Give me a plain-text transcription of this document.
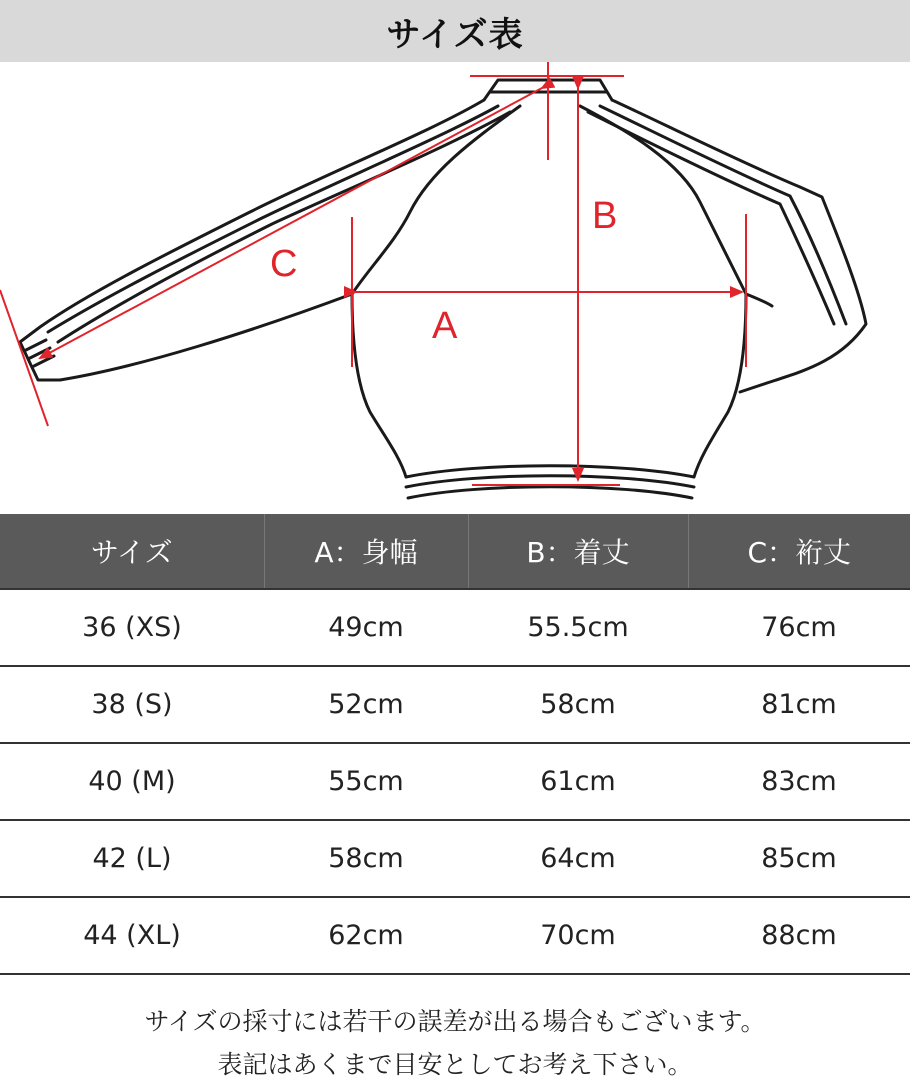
サイズ表
A
B
C
サイズ	A：身幅	B：着丈	C：裄丈
36 (XS)	49cm	55.5cm	76cm
38 (S)	52cm	58cm	81cm
40 (M)	55cm	61cm	83cm
42 (L)	58cm	64cm	85cm
44 (XL)	62cm	70cm	88cm

サイズの採寸には若干の誤差が出る場合もございます。

表記はあくまで目安としてお考え下さい。
